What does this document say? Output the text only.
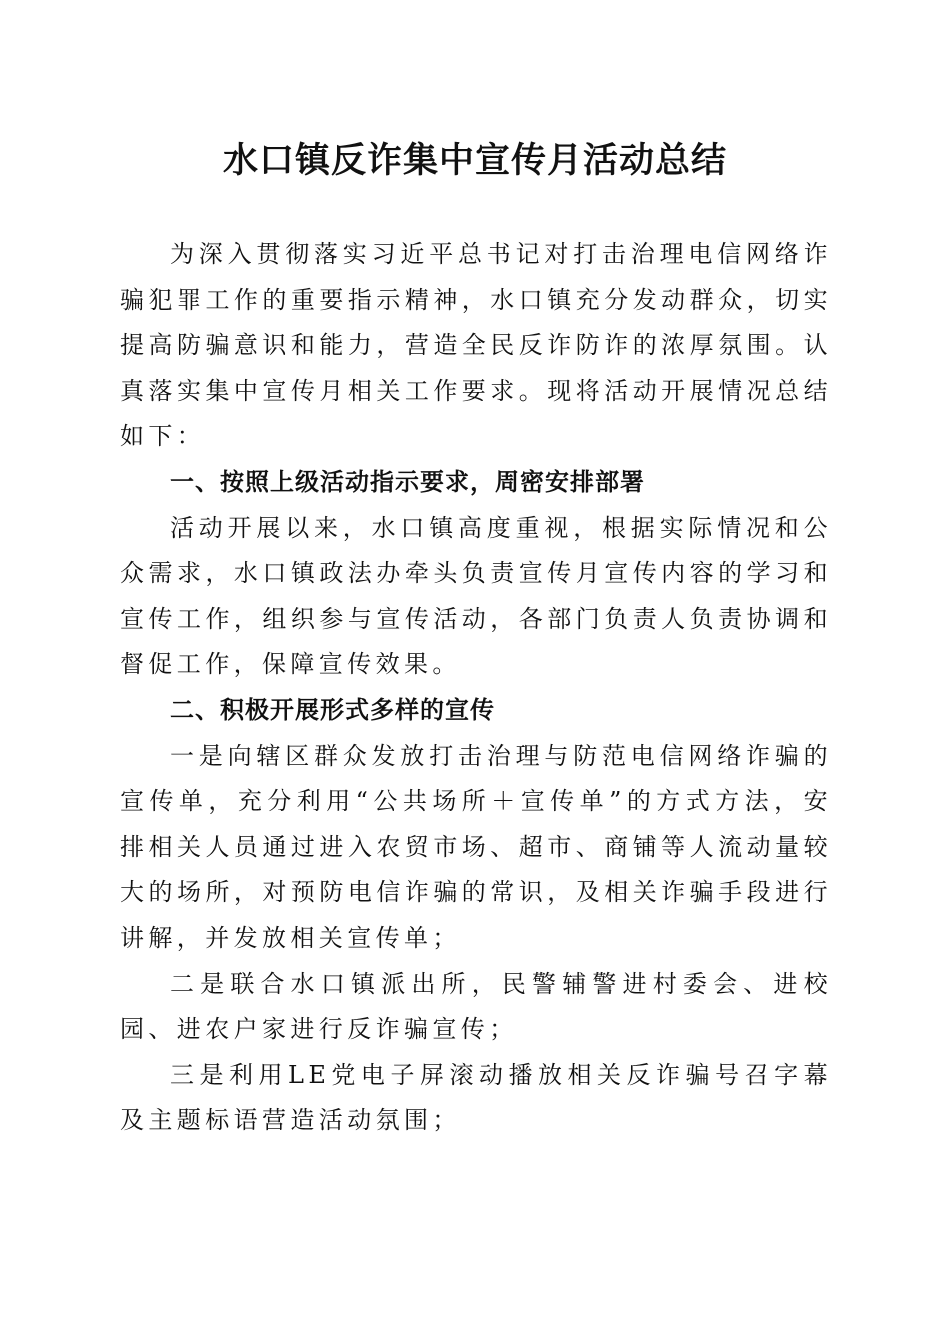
水口镇反诈集中宣传月活动总结

为深入贯彻落实习近平总书记对打击治理电信网络诈骗犯罪工作的重要指示精神，水口镇充分发动群众，切实提高防骗意识和能力，营造全民反诈防诈的浓厚氛围。认真落实集中宣传月相关工作要求。现将活动开展情况总结如下：

一、按照上级活动指示要求，周密安排部署

活动开展以来，水口镇高度重视，根据实际情况和公众需求，水口镇政法办牵头负责宣传月宣传内容的学习和宣传工作，组织参与宣传活动，各部门负责人负责协调和督促工作，保障宣传效果。

二、积极开展形式多样的宣传

一是向辖区群众发放打击治理与防范电信网络诈骗的宣传单，充分利用“公共场所＋宣传单”的方式方法，安排相关人员通过进入农贸市场、超市、商铺等人流动量较大的场所，对预防电信诈骗的常识，及相关诈骗手段进行讲解，并发放相关宣传单；

二是联合水口镇派出所，民警辅警进村委会、进校园、进农户家进行反诈骗宣传；

三是利用LE党电子屏滚动播放相关反诈骗号召字幕及主题标语营造活动氛围；
